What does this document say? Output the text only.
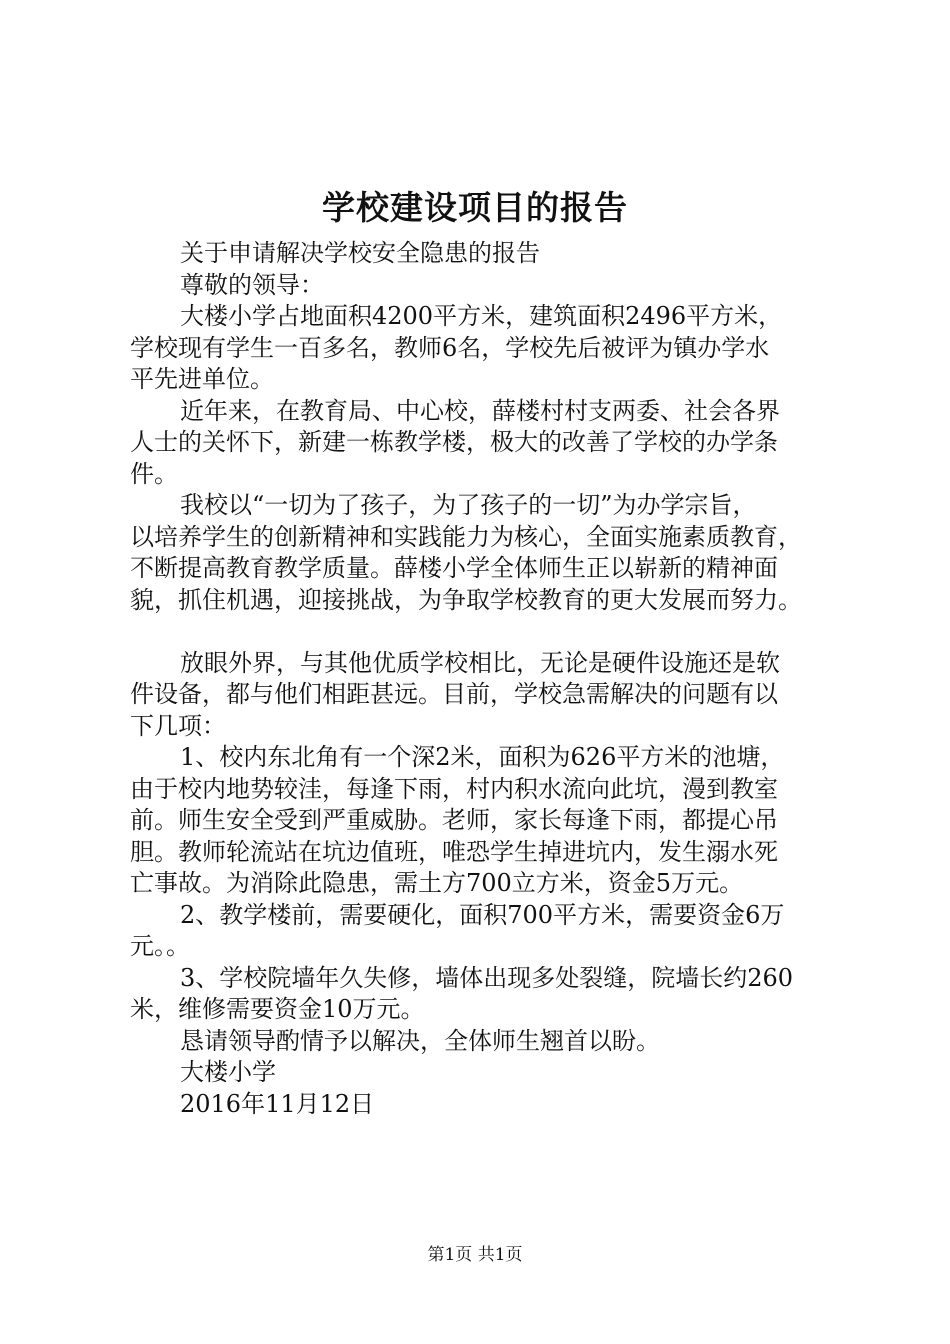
学校建设项目的报告
关于申请解决学校安全隐患的报告
尊敬的领导：
大楼小学占地面积4200平方米，建筑面积2496平方米，
学校现有学生一百多名，教师6名，学校先后被评为镇办学水
平先进单位。
近年来，在教育局、中心校，薛楼村村支两委、社会各界
人士的关怀下，新建一栋教学楼，极大的改善了学校的办学条
件。
我校以“一切为了孩子，为了孩子的一切”为办学宗旨，
以培养学生的创新精神和实践能力为核心，全面实施素质教育，
不断提高教育教学质量。薛楼小学全体师生正以崭新的精神面
貌，抓住机遇，迎接挑战，为争取学校教育的更大发展而努力。
放眼外界，与其他优质学校相比，无论是硬件设施还是软
件设备，都与他们相距甚远。目前，学校急需解决的问题有以
下几项：
1、校内东北角有一个深2米，面积为626平方米的池塘，
由于校内地势较洼，每逢下雨，村内积水流向此坑，漫到教室
前。师生安全受到严重威胁。老师，家长每逢下雨，都提心吊
胆。教师轮流站在坑边值班，唯恐学生掉进坑内，发生溺水死
亡事故。为消除此隐患，需土方700立方米，资金5万元。
2、教学楼前，需要硬化，面积700平方米，需要资金6万
元。。
3、学校院墙年久失修，墙体出现多处裂缝，院墙长约260
米，维修需要资金10万元。
恳请领导酌情予以解决，全体师生翘首以盼。
大楼小学
2016年11月12日
第1页 共1页
